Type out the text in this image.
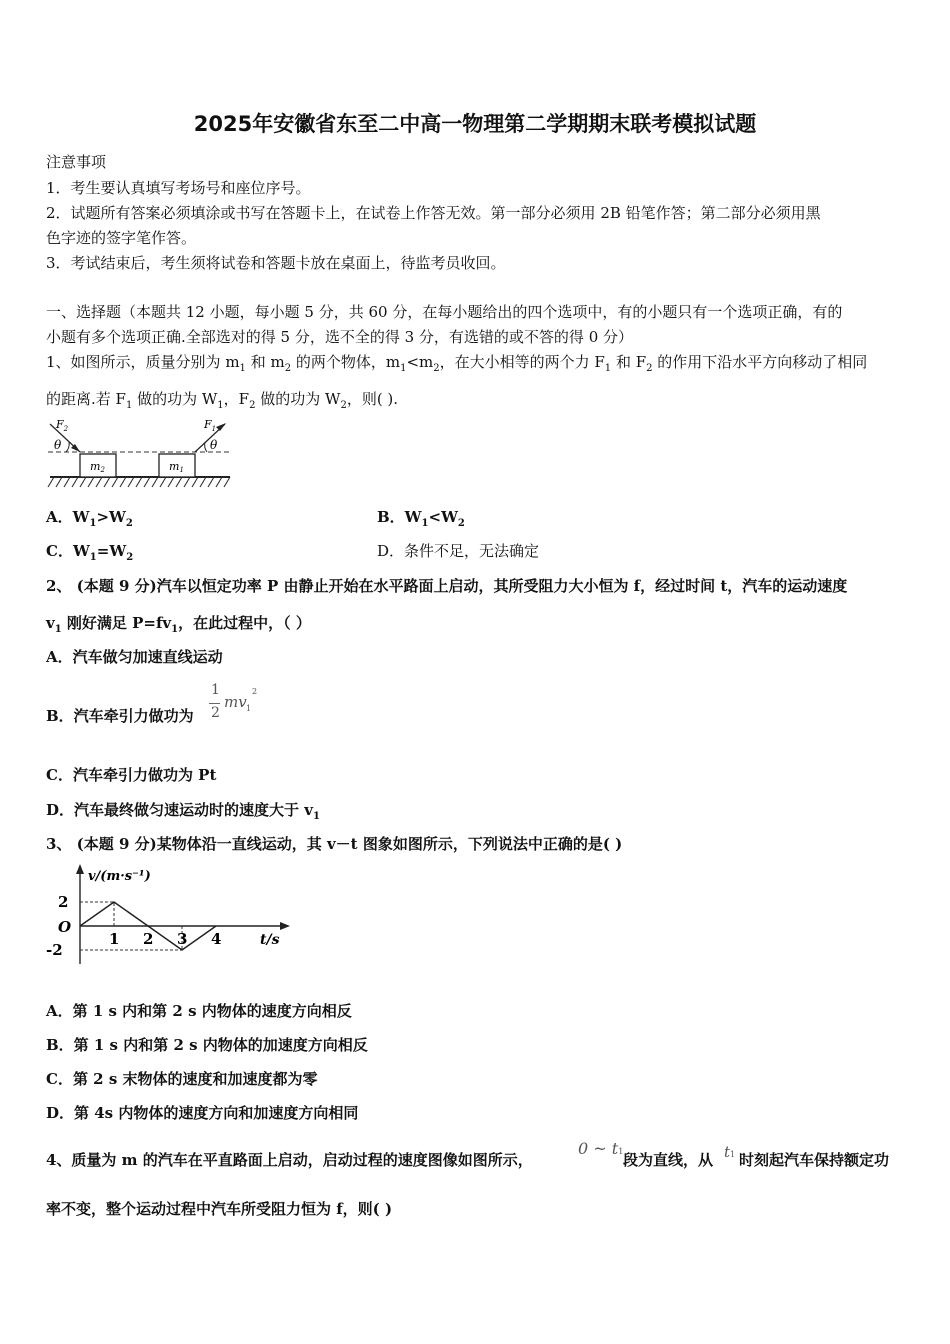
2025年安徽省东至二中高一物理第二学期期末联考模拟试题
注意事项
1．考生要认真填写考场号和座位序号。
2．试题所有答案必须填涂或书写在答题卡上，在试卷上作答无效。第一部分必须用 2B 铅笔作答；第二部分必须用黑
色字迹的签字笔作答。
3．考试结束后，考生须将试卷和答题卡放在桌面上，待监考员收回。
一、选择题（本题共 12 小题，每小题 5 分，共 60 分，在每小题给出的四个选项中，有的小题只有一个选项正确，有的
小题有多个选项正确.全部选对的得 5 分，选不全的得 3 分，有选错的或不答的得 0 分）
1、如图所示，质量分别为 $m_1$ 和 $m_2$ 的两个物体，$m_1<m_2$，在大小相等的两个力 $F_1$ 和 $F_2$ 的作用下沿水平方向移动了相同
的距离.若 $F_1$ 做的功为 $W_1$，$F_2$ 做的功为 $W_2$，则( ).
$F_2$	$F_1$
θ	θ
m2	m1
A．$W_1>W_2$	B．$W_1<W_2$
C．$W_1=W_2$	D．条件不足，无法确定
2、 (本题 9 分)汽车以恒定功率 P 由静止开始在水平路面上启动，其所受阻力大小恒为 f，经过时间 t，汽车的运动速度
$v_1$ 刚好满足 $P=fv_1$，在此过程中，（ ）
A．汽车做匀加速直线运动
B．汽车牵引力做功为
1
2
mv 1
2
C．汽车牵引力做功为 Pt
D．汽车最终做匀速运动时的速度大于 $v_1$
3、 (本题 9 分)某物体沿一直线运动，其 v－t 图象如图所示，下列说法中正确的是( )
v/(m·s⁻¹)
t/s
O
1 2 3 4
2
-2
A．第 1 s 内和第 2 s 内物体的速度方向相反
B．第 1 s 内和第 2 s 内物体的加速度方向相反
C．第 2 s 末物体的速度和加速度都为零
D．第 4s 内物体的速度方向和加速度方向相同
4、质量为 m 的汽车在平直路面上启动，启动过程的速度图像如图所示，
0 ~ t1 段为直线，从 t1 时刻起汽车保持额定功
率不变，整个运动过程中汽车所受阻力恒为 f，则( )
